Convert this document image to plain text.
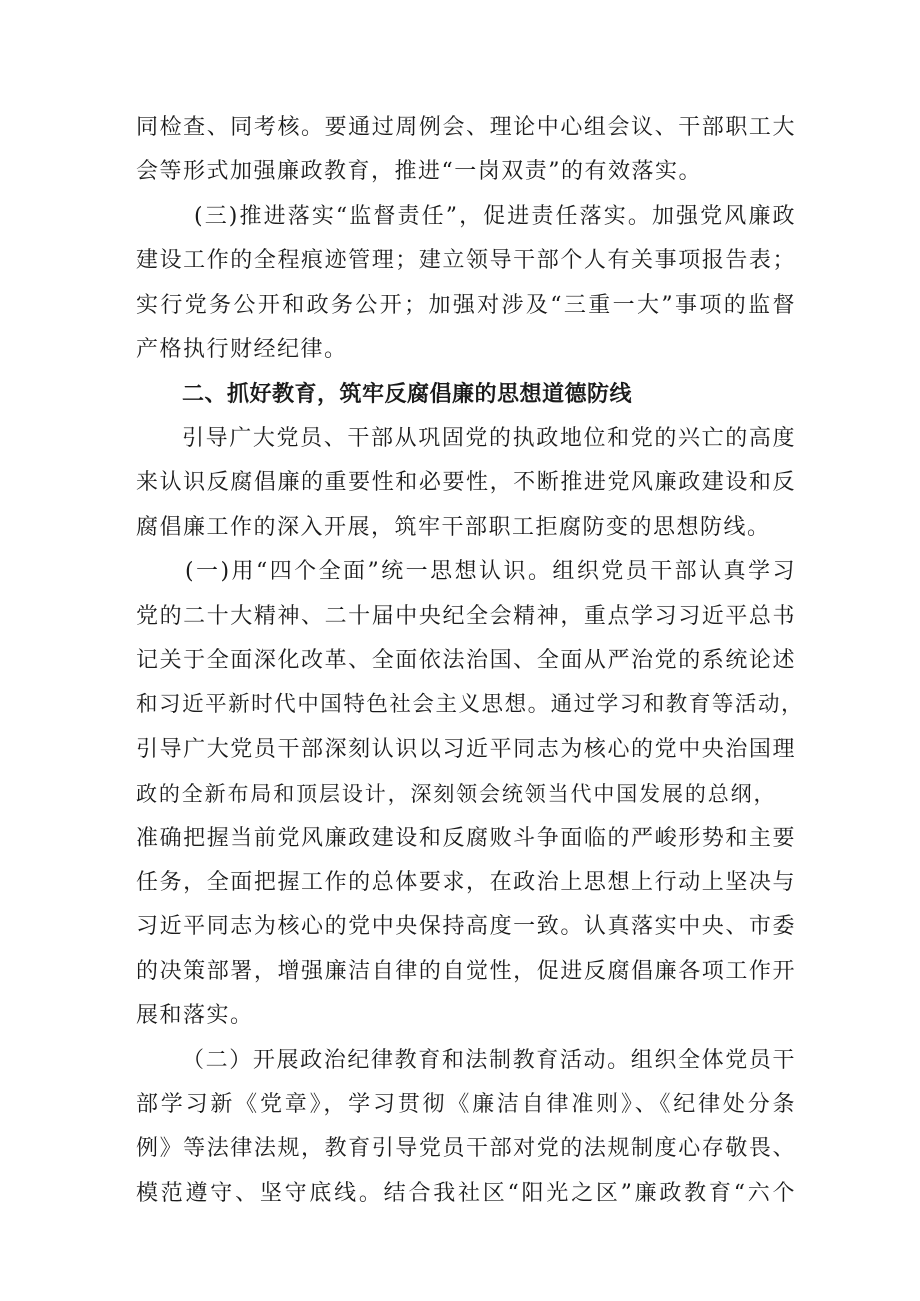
同检查、同考核。要通过周例会、理论中心组会议、干部职工大
会等形式加强廉政教育，推进“一岗双责”的有效落实。
(三)推进落实“监督责任”，促进责任落实。加强党风廉政
建设工作的全程痕迹管理；建立领导干部个人有关事项报告表；
实行党务公开和政务公开；加强对涉及“三重一大”事项的监督
产格执行财经纪律。
二、抓好教育，筑牢反腐倡廉的思想道德防线
引导广大党员、干部从巩固党的执政地位和党的兴亡的高度
来认识反腐倡廉的重要性和必要性，不断推进党风廉政建设和反
腐倡廉工作的深入开展，筑牢干部职工拒腐防变的思想防线。
(一)用“四个全面”统一思想认识。组织党员干部认真学习
党的二十大精神、二十届中央纪全会精神，重点学习习近平总书
记关于全面深化改革、全面依法治国、全面从严治党的系统论述
和习近平新时代中国特色社会主义思想。通过学习和教育等活动，
引导广大党员干部深刻认识以习近平同志为核心的党中央治国理
政的全新布局和顶层设计，深刻领会统领当代中国发展的总纲，
准确把握当前党风廉政建设和反腐败斗争面临的严峻形势和主要
任务，全面把握工作的总体要求，在政治上思想上行动上坚决与
习近平同志为核心的党中央保持高度一致。认真落实中央、市委
的决策部署，增强廉洁自律的自觉性，促进反腐倡廉各项工作开
展和落实。
（二）开展政治纪律教育和法制教育活动。组织全体党员干
部学习新《党章》，学习贯彻《廉洁自律准则》、《纪律处分条
例》等法律法规，教育引导党员干部对党的法规制度心存敬畏、
模范遵守、坚守底线。结合我社区“阳光之区”廉政教育“六个
